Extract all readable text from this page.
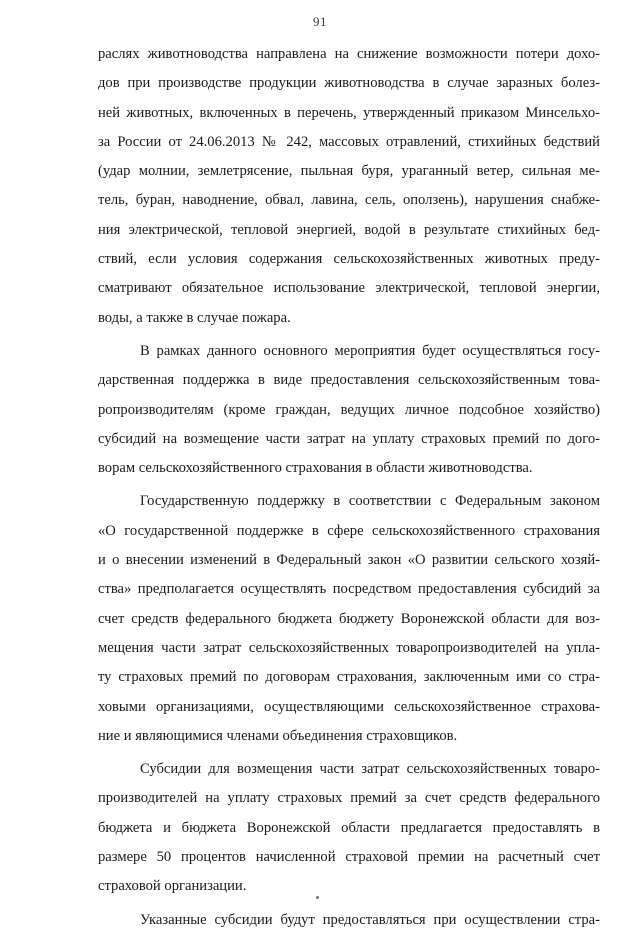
91
раслях животноводства направлена на снижение возможности потери дохо-
дов при производстве продукции животноводства в случае заразных болез-
ней животных, включенных в перечень, утвержденный приказом Минсельхо-
за России от 24.06.2013 № 242, массовых отравлений, стихийных бедствий
(удар молнии, землетрясение, пыльная буря, ураганный ветер, сильная ме-
тель, буран, наводнение, обвал, лавина, сель, оползень), нарушения снабже-
ния электрической, тепловой энергией, водой в результате стихийных бед-
ствий, если условия содержания сельскохозяйственных животных преду-
сматривают обязательное использование электрической, тепловой энергии,
воды, а также в случае пожара.
В рамках данного основного мероприятия будет осуществляться госу-
дарственная поддержка в виде предоставления сельскохозяйственным това-
ропроизводителям (кроме граждан, ведущих личное подсобное хозяйство)
субсидий на возмещение части затрат на уплату страховых премий по дого-
ворам сельскохозяйственного страхования в области животноводства.
Государственную поддержку в соответствии с Федеральным законом
«О государственной поддержке в сфере сельскохозяйственного страхования
и о внесении изменений в Федеральный закон «О развитии сельского хозяй-
ства» предполагается осуществлять посредством предоставления субсидий за
счет средств федерального бюджета бюджету Воронежской области для воз-
мещения части затрат сельскохозяйственных товаропроизводителей на упла-
ту страховых премий по договорам страхования, заключенным ими со стра-
ховыми организациями, осуществляющими сельскохозяйственное страхова-
ние и являющимися членами объединения страховщиков.
Субсидии для возмещения части затрат сельскохозяйственных товаро-
производителей на уплату страховых премий за счет средств федерального
бюджета и бюджета Воронежской области предлагается предоставлять в
размере 50 процентов начисленной страховой премии на расчетный счет
страховой организации.
Указанные субсидии будут предоставляться при осуществлении стра-
